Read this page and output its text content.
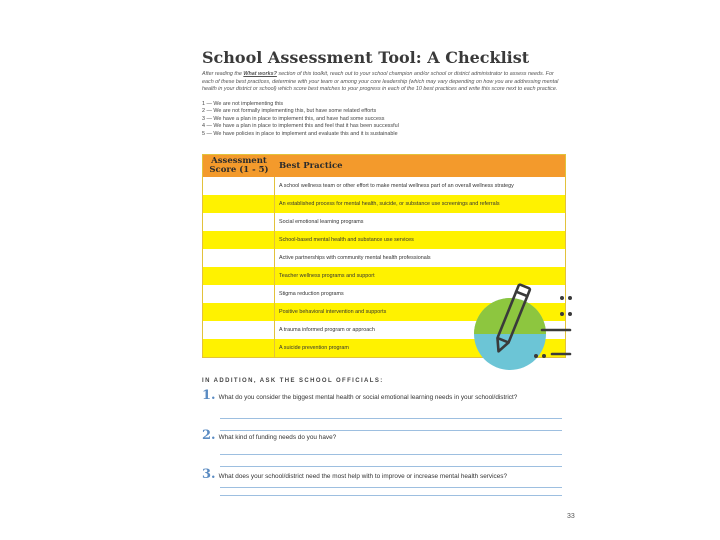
School Assessment Tool: A Checklist
After reading the What works? section of this toolkit, reach out to your school champion and/or school or district administrator to assess needs. For each of these best practices, determine with your team or among your core leadership (which may vary depending on how you are addressing mental health in your district or school) which score best matches to your progress in each of the 10 best practices and write this score next to each practice.
1 — We are not implementing this
2 — We are not formally implementing this, but have some related efforts
3 — We have a plan in place to implement this, and have had some success
4 — We have a plan in place to implement this and feel that it has been successful
5 — We have policies in place to implement and evaluate this and it is sustainable
Assessment
Score (1 - 5)	Best Practice
A school wellness team or other effort to make mental wellness part of an overall wellness strategy
An established process for mental health, suicide, or substance use screenings and referrals
Social emotional learning programs
School-based mental health and substance use services
Active partnerships with community mental health professionals
Teacher wellness programs and support
Stigma reduction programs
Positive behavioral intervention and supports
A trauma informed program or approach
A suicide prevention program
IN ADDITION, ASK THE SCHOOL OFFICIALS:
1. What do you consider the biggest mental health or social emotional learning needs in your school/district?
2. What kind of funding needs do you have?
3. What does your school/district need the most help with to improve or increase mental health services?
33
